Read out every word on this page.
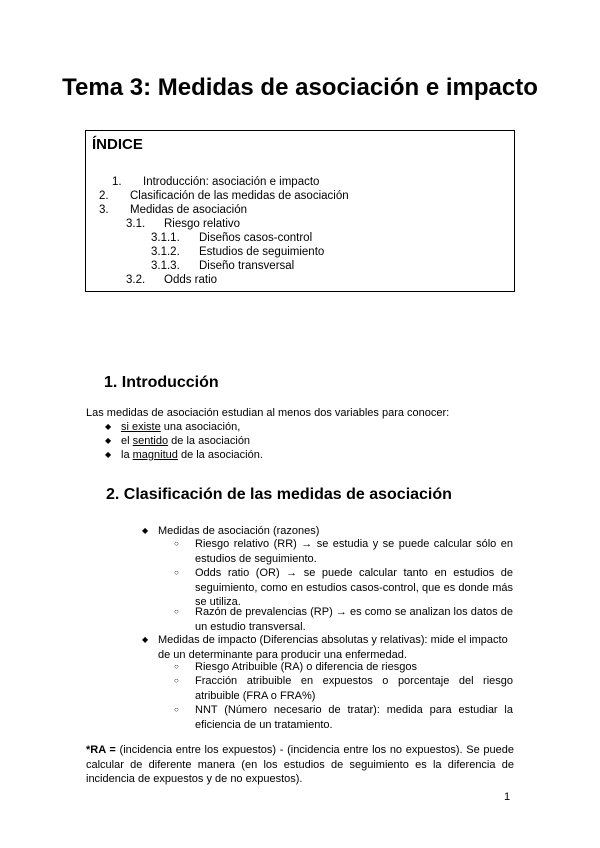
Tema 3: Medidas de asociación e impacto
ÍNDICE
1. Introducción: asociación e impacto
2. Clasificación de las medidas de asociación
3. Medidas de asociación
3.1. Riesgo relativo
3.1.1. Diseños casos-control
3.1.2. Estudios de seguimiento
3.1.3. Diseño transversal
3.2. Odds ratio
1. Introducción
Las medidas de asociación estudian al menos dos variables para conocer:
◆ si existe una asociación,
◆ el sentido de la asociación
◆ la magnitud de la asociación.
2. Clasificación de las medidas de asociación
◆ Medidas de asociación (razones)
○ Riesgo relativo (RR) → se estudia y se puede calcular sólo en estudios de seguimiento.
○ Odds ratio (OR) → se puede calcular tanto en estudios de seguimiento, como en estudios casos-control, que es donde más se utiliza.
○ Razón de prevalencias (RP) → es como se analizan los datos de un estudio transversal.
◆ Medidas de impacto (Diferencias absolutas y relativas): mide el impacto de un determinante para producir una enfermedad.
○ Riesgo Atribuible (RA) o diferencia de riesgos
○ Fracción atribuible en expuestos o porcentaje del riesgo atribuible (FRA o FRA%)
○ NNT (Número necesario de tratar): medida para estudiar la eficiencia de un tratamiento.
*RA = (incidencia entre los expuestos) - (incidencia entre los no expuestos). Se puede calcular de diferente manera (en los estudios de seguimiento es la diferencia de incidencia de expuestos y de no expuestos).
1
